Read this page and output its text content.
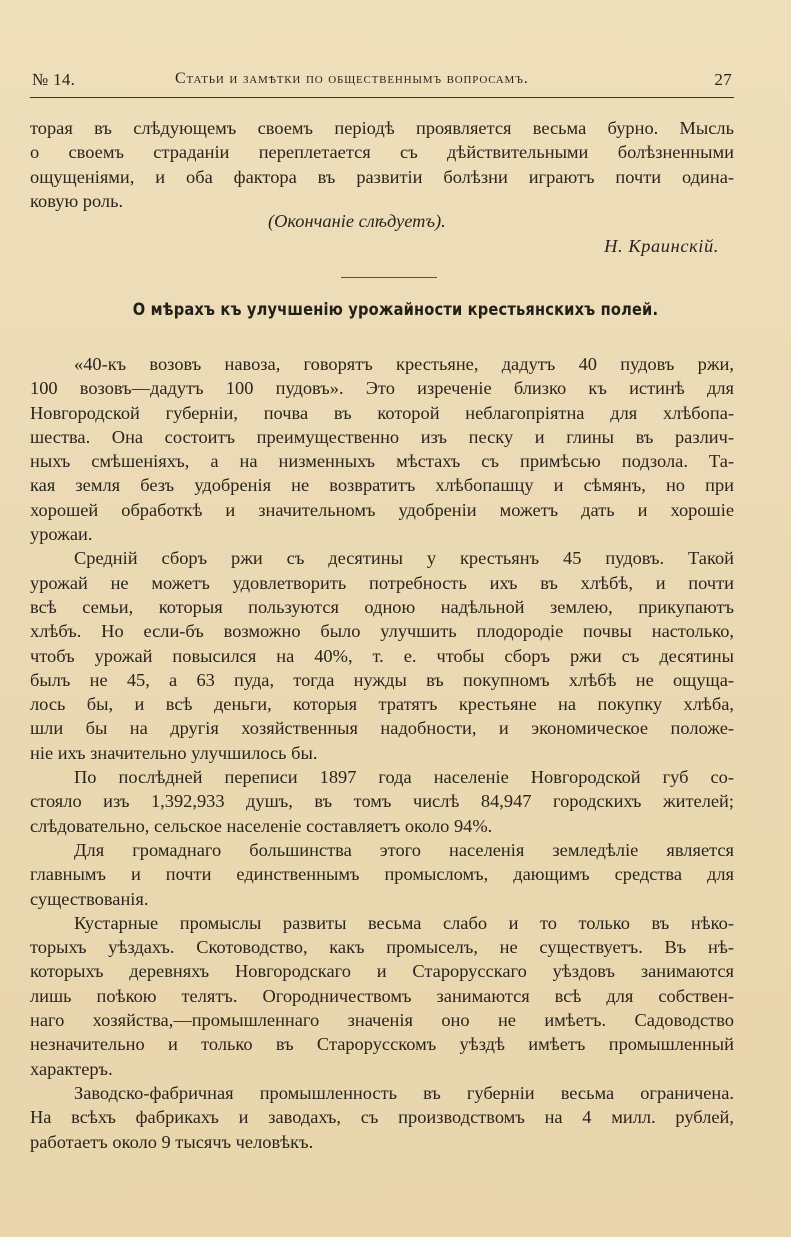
№ 14.	Статьи и замѣтки по общественнымъ вопросамъ.	27
торая въ слѣдующемъ своемъ періодѣ проявляется весьма бурно. Мысль
о своемъ страданіи переплетается съ дѣйствительными болѣзненными
ощущеніями, и оба фактора въ развитіи болѣзни играютъ почти одина-
ковую роль.
(Окончаніе слѣдуетъ).
Н. Краинскій.
О мѣрахъ къ улучшенію урожайности крестьянскихъ полей.
«40-къ возовъ навоза, говорятъ крестьяне, дадутъ 40 пудовъ ржи,
100 возовъ—дадутъ 100 пудовъ». Это изреченіе близко къ истинѣ для
Новгородской губерніи, почва въ которой неблагопріятна для хлѣбопа-
шества. Она состоитъ преимущественно изъ песку и глины въ различ-
ныхъ смѣшеніяхъ, а на низменныхъ мѣстахъ съ примѣсью подзола. Та-
кая земля безъ удобренія не возвратитъ хлѣбопашцу и сѣмянъ, но при
хорошей обработкѣ и значительномъ удобреніи можетъ дать и хорошіе
урожаи.
Среднiй сборъ ржи съ десятины у крестьянъ 45 пудовъ. Такой
урожай не можетъ удовлетворить потребность ихъ въ хлѣбѣ, и почти
всѣ семьи, которыя пользуются одною надѣльной землею, прикупаютъ
хлѣбъ. Но если-бъ возможно было улучшить плодородіе почвы настолько,
чтобъ урожай повысился на 40%, т. е. чтобы сборъ ржи съ десятины
былъ не 45, а 63 пуда, тогда нужды въ покупномъ хлѣбѣ не ощуща-
лось бы, и всѣ деньги, которыя тратятъ крестьяне на покупку хлѣба,
шли бы на другія хозяйственныя надобности, и экономическое положе-
ніе ихъ значительно улучшилось бы.
По послѣдней переписи 1897 года населеніе Новгородской губ со-
стояло изъ 1,392,933 душъ, въ томъ числѣ 84,947 городскихъ жителей;
слѣдовательно, сельское населеніе составляетъ около 94%.
Для громаднаго большинства этого населенія земледѣліе является
главнымъ и почти единственнымъ промысломъ, дающимъ средства для
существованія.
Кустарные промыслы развиты весьма слабо и то только въ нѣко-
торыхъ уѣздахъ. Скотоводство, какъ промыселъ, не существуетъ. Въ нѣ-
которыхъ деревняхъ Новгородскаго и Старорусскаго уѣздовъ занимаются
лишь поѣкою телятъ. Огородничествомъ занимаются всѣ для собствен-
наго хозяйства,—промышленнаго значенія оно не имѣетъ. Садоводство
незначительно и только въ Старорусскомъ уѣздѣ имѣетъ промышленный
характеръ.
Заводско-фабричная промышленность въ губерніи весьма ограничена.
На всѣхъ фабрикахъ и заводахъ, съ производствомъ на 4 милл. рублей,
работаетъ около 9 тысячъ человѣкъ.
